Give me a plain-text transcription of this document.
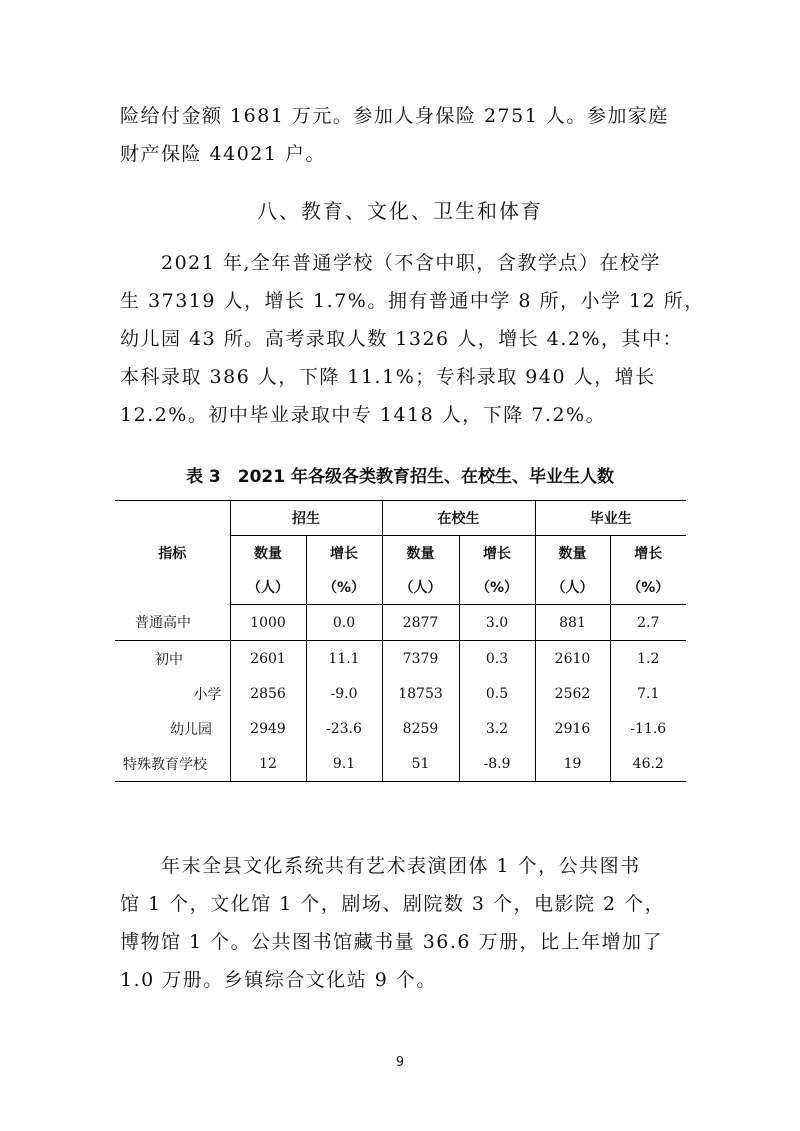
险给付金额 1681 万元。参加人身保险 2751 人。参加家庭

财产保险 44021 户。

八、教育、文化、卫生和体育

　　2021 年,全年普通学校（不含中职，含教学点）在校学

生 37319 人，增长 1.7%。拥有普通中学 8 所，小学 12 所，

幼儿园 43 所。高考录取人数 1326 人，增长 4.2%，其中：

本科录取 386 人，下降 11.1%；专科录取 940 人，增长

12.2%。初中毕业录取中专 1418 人，下降 7.2%。

表 3　2021 年各级各类教育招生、在校生、毕业生人数
指标	招生		在校生		毕业生	
	数量	增长	数量	增长	数量	增长
	（人）	（%）	（人）	（%）	（人）	（%）
普通高中	1000	0.0	2877	3.0	881	2.7
初中	2601	11.1	7379	0.3	2610	1.2
小学	2856	-9.0	18753	0.5	2562	7.1
幼儿园	2949	-23.6	8259	3.2	2916	-11.6
特殊教育学校	12	9.1	51	-8.9	19	46.2

　　年末全县文化系统共有艺术表演团体 1 个，公共图书

馆 1 个，文化馆 1 个，剧场、剧院数 3 个，电影院 2 个，

博物馆 1 个。公共图书馆藏书量 36.6 万册，比上年增加了

1.0 万册。乡镇综合文化站 9 个。

9
